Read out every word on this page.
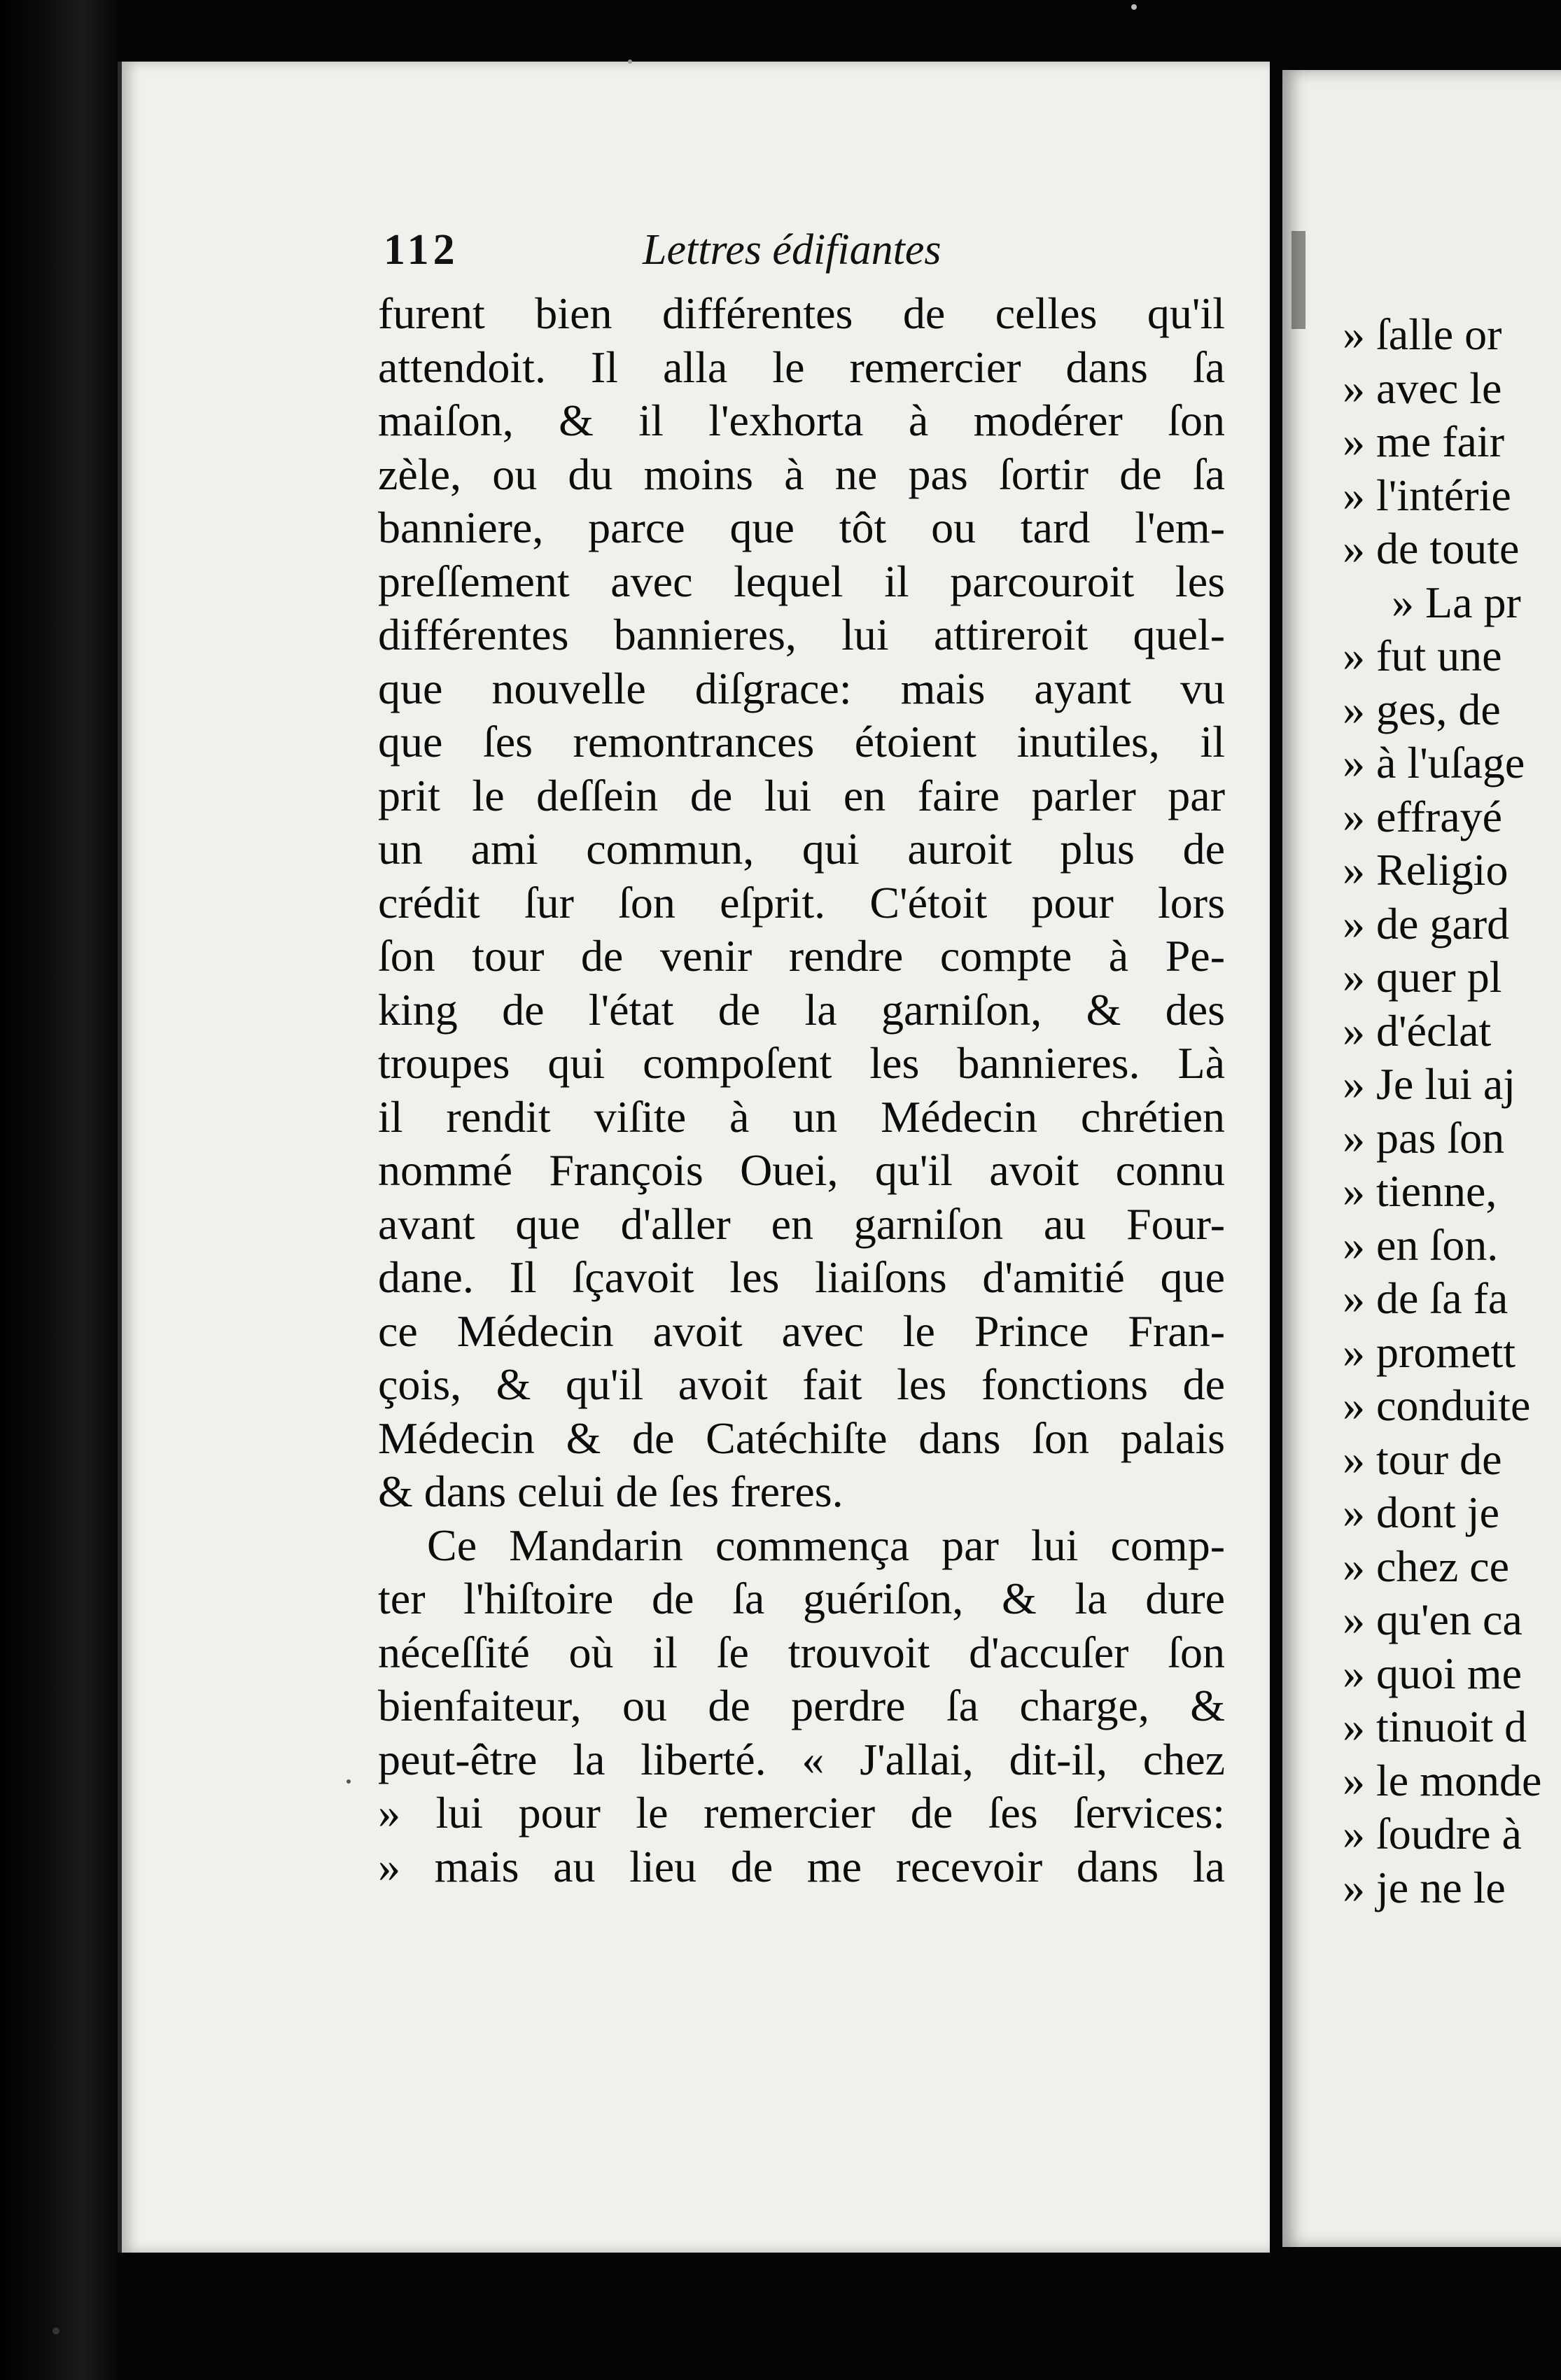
112	Lettres édifiantes
furent bien différentes de celles qu'il
attendoit. Il alla le remercier dans ſa
maiſon, & il l'exhorta à modérer ſon
zèle, ou du moins à ne pas ſortir de ſa
banniere, parce que tôt ou tard l'em-
preſſement avec lequel il parcouroit les
différentes bannieres, lui attireroit quel-
que nouvelle diſgrace: mais ayant vu
que ſes remontrances étoient inutiles, il
prit le deſſein de lui en faire parler par
un ami commun, qui auroit plus de
crédit ſur ſon eſprit. C'étoit pour lors
ſon tour de venir rendre compte à Pe-
king de l'état de la garniſon, & des
troupes qui compoſent les bannieres. Là
il rendit viſite à un Médecin chrétien
nommé François Ouei, qu'il avoit connu
avant que d'aller en garniſon au Four-
dane. Il ſçavoit les liaiſons d'amitié que
ce Médecin avoit avec le Prince Fran-
çois, & qu'il avoit fait les fonctions de
Médecin & de Catéchiſte dans ſon palais
& dans celui de ſes freres.
Ce Mandarin commença par lui comp-
ter l'hiſtoire de ſa guériſon, & la dure
néceſſité où il ſe trouvoit d'accuſer ſon
bienfaiteur, ou de perdre ſa charge, &
peut-être la liberté. « J'allai, dit-il, chez
» lui pour le remercier de ſes ſervices:
» mais au lieu de me recevoir dans la
» ſalle or
» avec le
» me fair
» l'intérie
» de toute
» La pr
» fut une
» ges, de
» à l'uſage
» effrayé
» Religio
» de gard
» quer pl
» d'éclat
» Je lui aj
» pas ſon
» tienne,
» en ſon.
» de ſa fa
» promett
» conduite
» tour de
» dont je
» chez ce
» qu'en ca
» quoi me
» tinuoit d
» le monde
» ſoudre à
» je ne le
